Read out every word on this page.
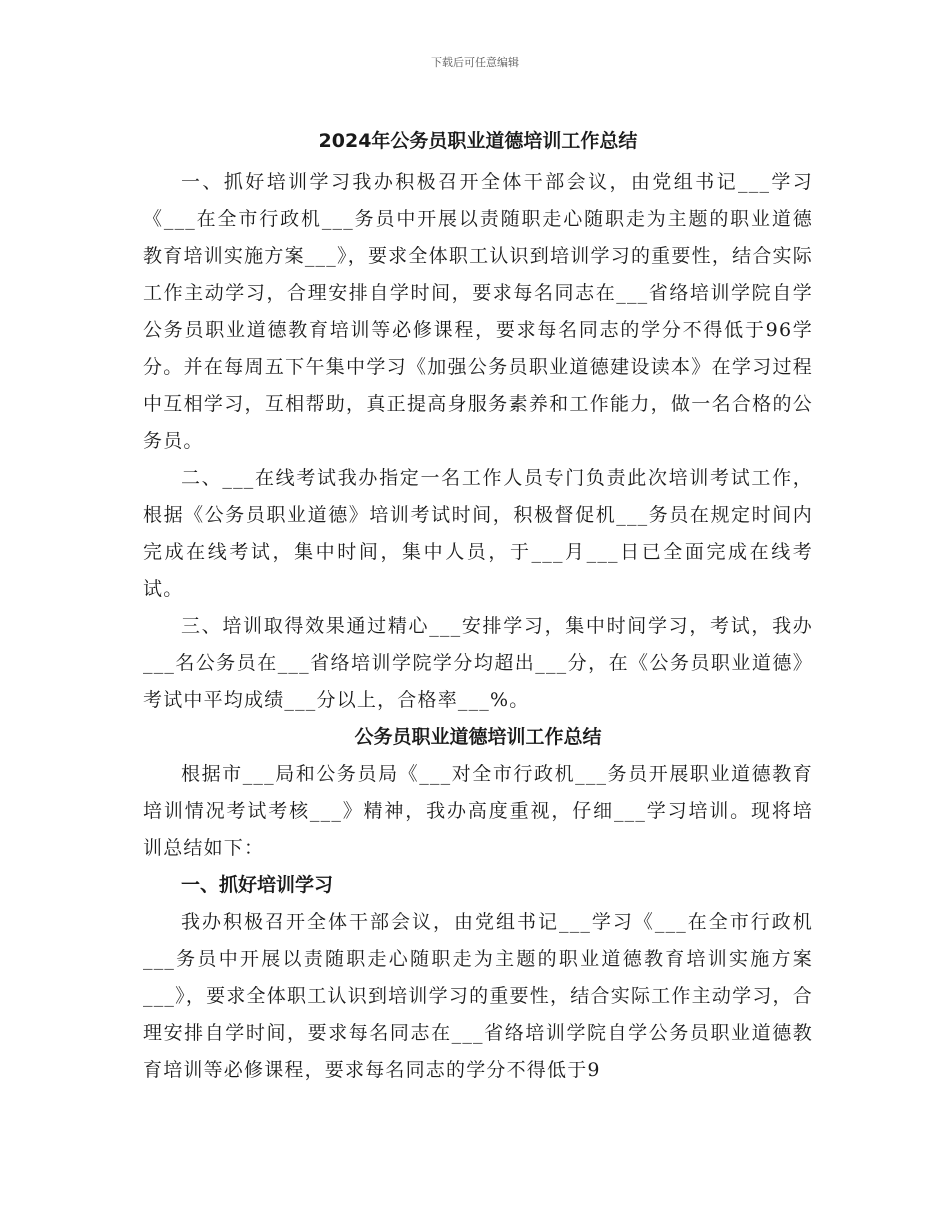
下载后可任意编辑
2024年公务员职业道德培训工作总结

一、抓好培训学习我办积极召开全体干部会议，由党组书记___学习《___在全市行政机___务员中开展以责随职走心随职走为主题的职业道德教育培训实施方案___》，要求全体职工认识到培训学习的重要性，结合实际工作主动学习，合理安排自学时间，要求每名同志在___省络培训学院自学公务员职业道德教育培训等必修课程，要求每名同志的学分不得低于96学分。并在每周五下午集中学习《加强公务员职业道德建设读本》在学习过程中互相学习，互相帮助，真正提高身服务素养和工作能力，做一名合格的公务员。

二、___在线考试我办指定一名工作人员专门负责此次培训考试工作，根据《公务员职业道德》培训考试时间，积极督促机___务员在规定时间内完成在线考试，集中时间，集中人员，于___月___日已全面完成在线考试。

三、培训取得效果通过精心___安排学习，集中时间学习，考试，我办___名公务员在___省络培训学院学分均超出___分，在《公务员职业道德》考试中平均成绩___分以上，合格率___%。

公务员职业道德培训工作总结

根据市___局和公务员局《___对全市行政机___务员开展职业道德教育培训情况考试考核___》精神，我办高度重视，仔细___学习培训。现将培训总结如下：

一、抓好培训学习

我办积极召开全体干部会议，由党组书记___学习《___在全市行政机___务员中开展以责随职走心随职走为主题的职业道德教育培训实施方案___》，要求全体职工认识到培训学习的重要性，结合实际工作主动学习，合理安排自学时间，要求每名同志在___省络培训学院自学公务员职业道德教育培训等必修课程，要求每名同志的学分不得低于9
